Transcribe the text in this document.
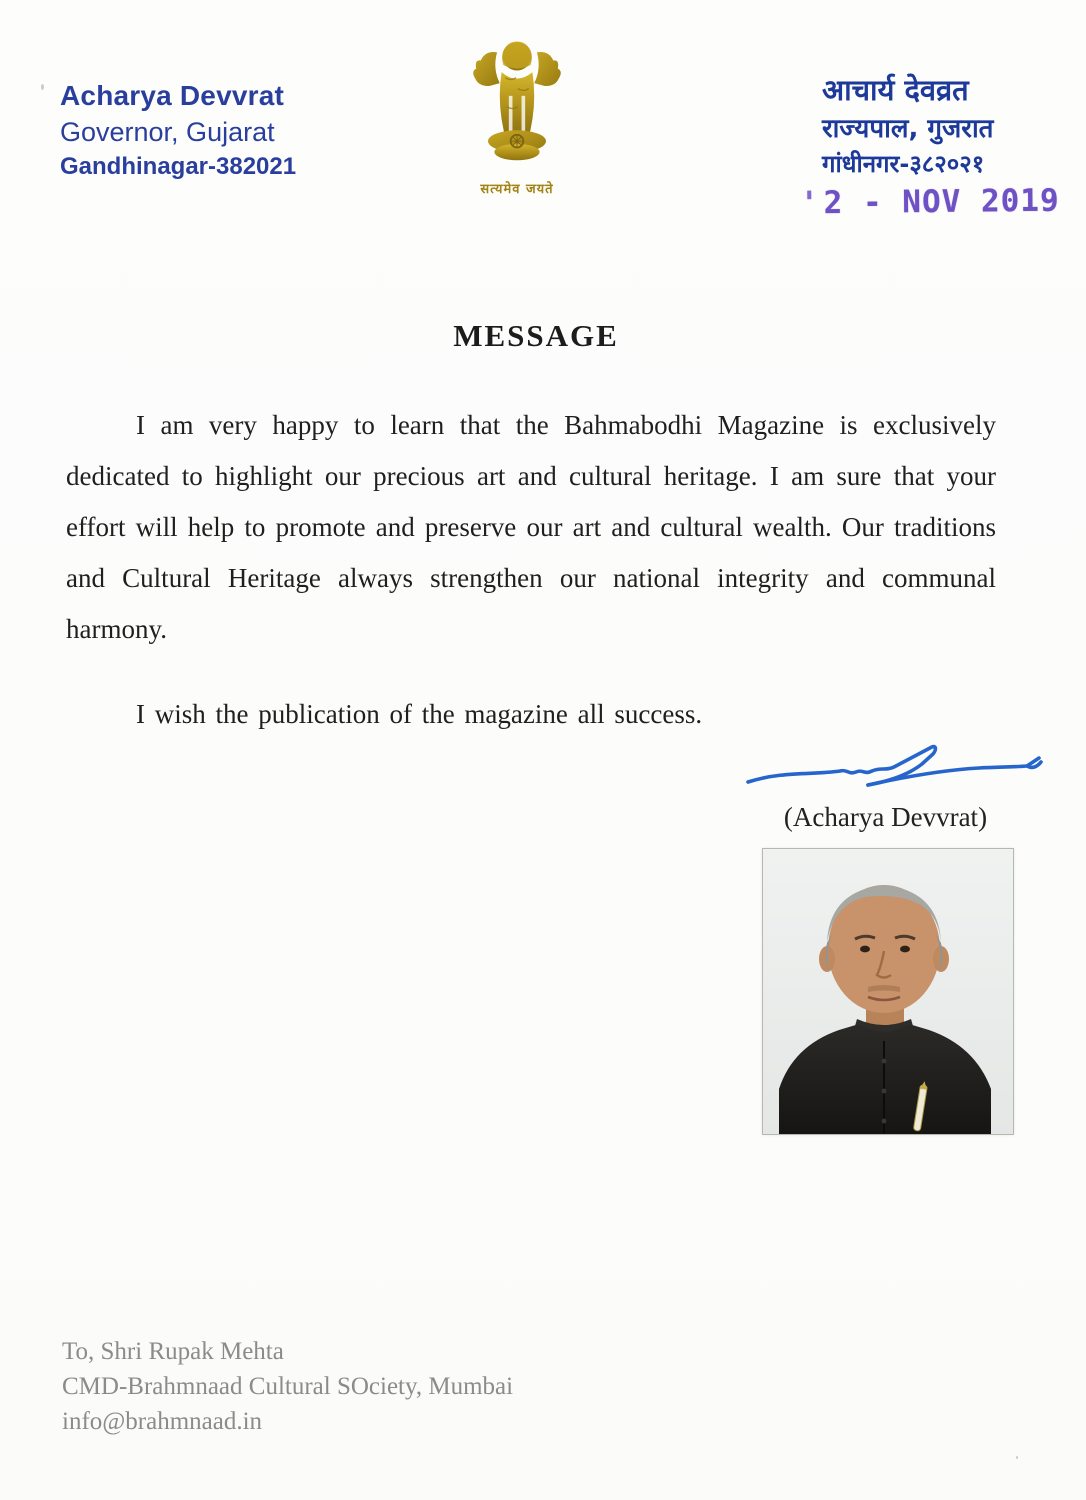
Acharya Devvrat
Governor, Gujarat
Gandhinagar-382021
सत्यमेव जयते
आचार्य देवव्रत
राज्यपाल, गुजरात
गांधीनगर-३८२०२१
'2 - NOV 2019
MESSAGE

I am very happy to learn that the Bahmabodhi Magazine is exclusively dedicated to highlight our precious art and cultural heritage. I am sure that your effort will help to promote and preserve our art and cultural wealth. Our traditions and Cultural Heritage always strengthen our national integrity and communal harmony.

I wish the publication of the magazine all success.

(Acharya Devvrat)
To, Shri Rupak Mehta
CMD-Brahmnaad Cultural SOciety, Mumbai
info@brahmnaad.in
